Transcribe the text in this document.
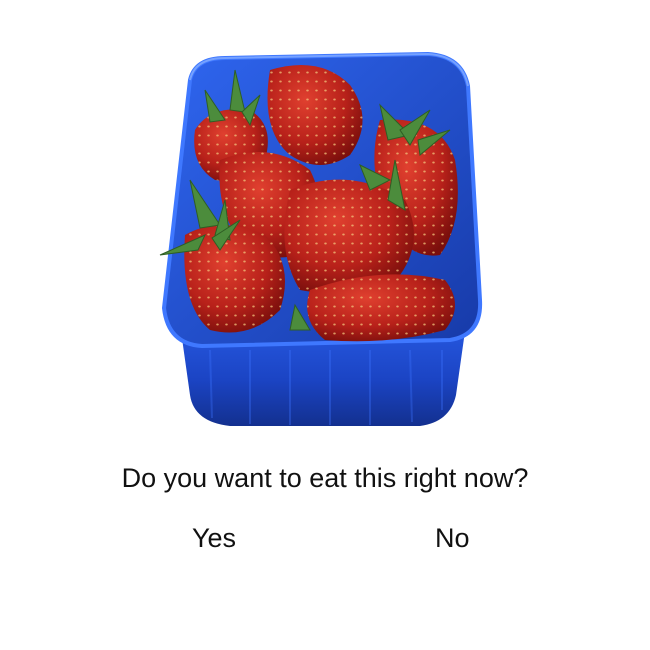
Do you want to eat this right now?
Yes	No
